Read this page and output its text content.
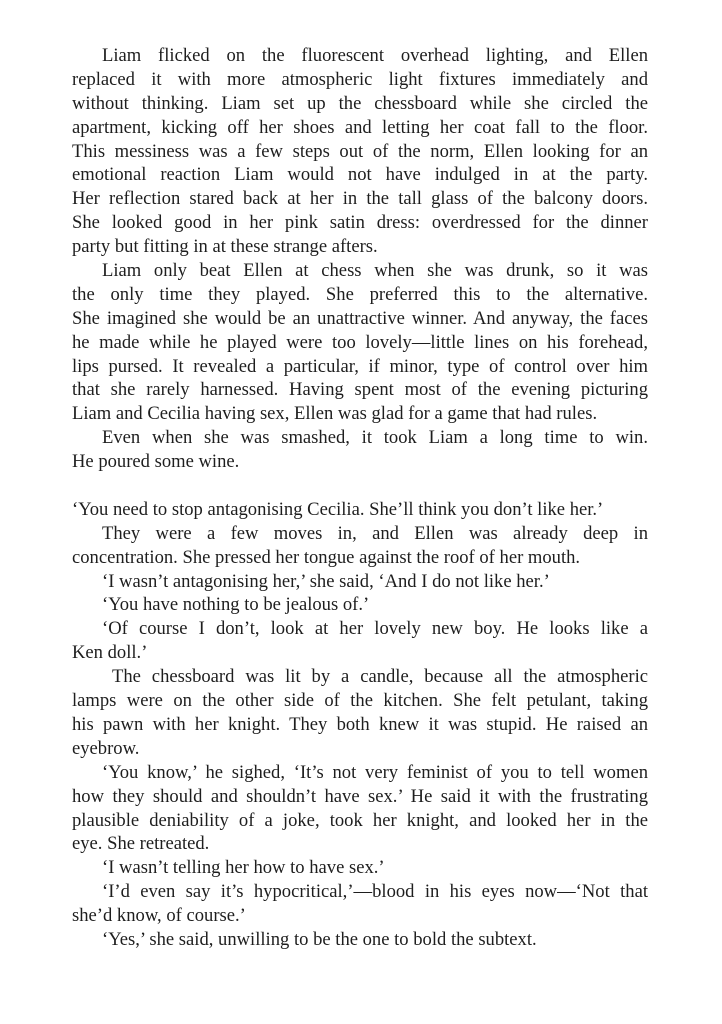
Liam flicked on the fluorescent overhead lighting, and Ellen
replaced it with more atmospheric light fixtures immediately and
without thinking. Liam set up the chessboard while she circled the
apartment, kicking off her shoes and letting her coat fall to the floor.
This messiness was a few steps out of the norm, Ellen looking for an
emotional reaction Liam would not have indulged in at the party.
Her reflection stared back at her in the tall glass of the balcony doors.
She looked good in her pink satin dress: overdressed for the dinner
party but fitting in at these strange afters.
Liam only beat Ellen at chess when she was drunk, so it was
the only time they played. She preferred this to the alternative.
She imagined she would be an unattractive winner. And anyway, the faces
he made while he played were too lovely—little lines on his forehead,
lips pursed. It revealed a particular, if minor, type of control over him
that she rarely harnessed. Having spent most of the evening picturing
Liam and Cecilia having sex, Ellen was glad for a game that had rules.
Even when she was smashed, it took Liam a long time to win.
He poured some wine.
‘You need to stop antagonising Cecilia. She’ll think you don’t like her.’
They were a few moves in, and Ellen was already deep in
concentration. She pressed her tongue against the roof of her mouth.
‘I wasn’t antagonising her,’ she said, ‘And I do not like her.’
‘You have nothing to be jealous of.’
‘Of course I don’t, look at her lovely new boy. He looks like a
Ken doll.’
The chessboard was lit by a candle, because all the atmospheric
lamps were on the other side of the kitchen. She felt petulant, taking
his pawn with her knight. They both knew it was stupid. He raised an
eyebrow.
‘You know,’ he sighed, ‘It’s not very feminist of you to tell women
how they should and shouldn’t have sex.’ He said it with the frustrating
plausible deniability of a joke, took her knight, and looked her in the
eye. She retreated.
‘I wasn’t telling her how to have sex.’
‘I’d even say it’s hypocritical,’—blood in his eyes now—‘Not that
she’d know, of course.’
‘Yes,’ she said, unwilling to be the one to bold the subtext.
